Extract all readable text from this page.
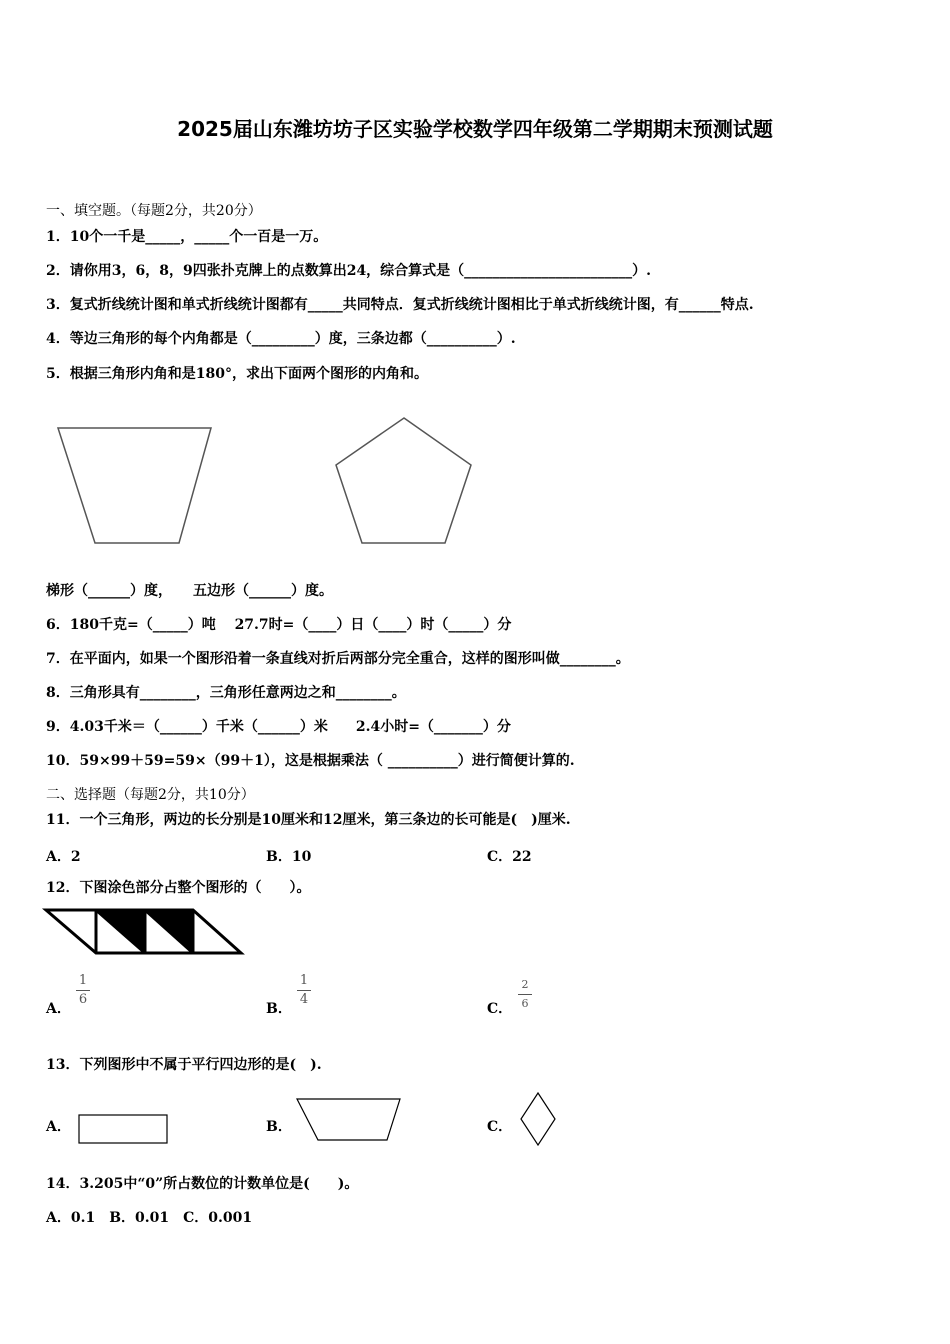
2025届山东潍坊坊子区实验学校数学四年级第二学期期末预测试题
一、填空题。（每题2分，共20分）
1．10个一千是_____，_____个一百是一万。
2．请你用3，6，8，9四张扑克牌上的点数算出24，综合算式是（________________________）.
3．复式折线统计图和单式折线统计图都有_____共同特点．复式折线统计图相比于单式折线统计图，有______特点.
4．等边三角形的每个内角都是（_________）度，三条边都（__________）.
5．根据三角形内角和是180°，求出下面两个图形的内角和。
梯形（______）度，　　五边形（______）度。
6．180千克=（_____）吨　 27.7时=（____）日（____）时（_____）分
7．在平面内，如果一个图形沿着一条直线对折后两部分完全重合，这样的图形叫做________。
8．三角形具有________，三角形任意两边之和________。
9．4.03千米＝（______）千米（______）米　　2.4小时=（_______）分
10．59×99＋59=59×（99＋1），这是根据乘法（ __________）进行简便计算的.
二、选择题（每题2分，共10分）
11．一个三角形，两边的长分别是10厘米和12厘米，第三条边的长可能是(　)厘米.
A．2	B．10	C．22
12．下图涂色部分占整个图形的（　　）。
A． $\frac{1}{6}$	B． $\frac{1}{4}$	C． $\frac{2}{6}$
13．下列图形中不属于平行四边形的是(　).
A．	B．	C．
14．3.205中“0”所占数位的计数单位是(　　)。
A．0.1　B．0.01　C．0.001
